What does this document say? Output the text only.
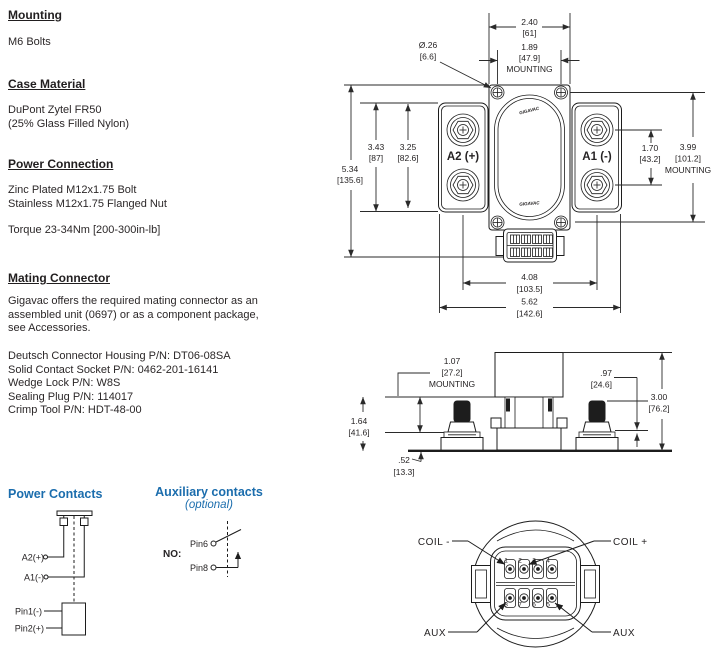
Mounting
M6 Bolts
Case Material
DuPont Zytel FR50
(25% Glass Filled Nylon)
Power Connection
Zinc Plated M12x1.75 Bolt
Stainless M12x1.75 Flanged Nut
Torque 23-34Nm [200-300in-lb]
Mating Connector
Gigavac offers the required mating connector as an
assembled unit (0697) or as a component package,
see Accessories.
Deutsch Connector Housing P/N: DT06-08SA
Solid Contact Socket P/N: 0462-201-16141
Wedge Lock P/N: W8S
Sealing Plug P/N: 114017
Crimp Tool P/N: HDT-48-00
Power Contacts	Auxiliary contacts
(optional)
A2(+)
A1(-)
Pin1(-)
Pin2(+)
NO:
Pin6
Pin8
A2 (+)	A1 (-)
GIGAVAC
GIGAVAC
2.40
[61]
1.89
[47.9]
MOUNTING
Ø.26
[6.6]
5.34
[135.6]
3.43
[87]
3.25
[82.6]
1.70
[43.2]
3.99
[101.2]
MOUNTING
4.08
[103.5]
5.62
[142.6]
1.07
[27.2]
MOUNTING
1.64
[41.6]
.52
[13.3]
.97
[24.6]
3.00
[76.2]
1 2 3 4
8 7 6 5
COIL -	COIL +
AUX	AUX
